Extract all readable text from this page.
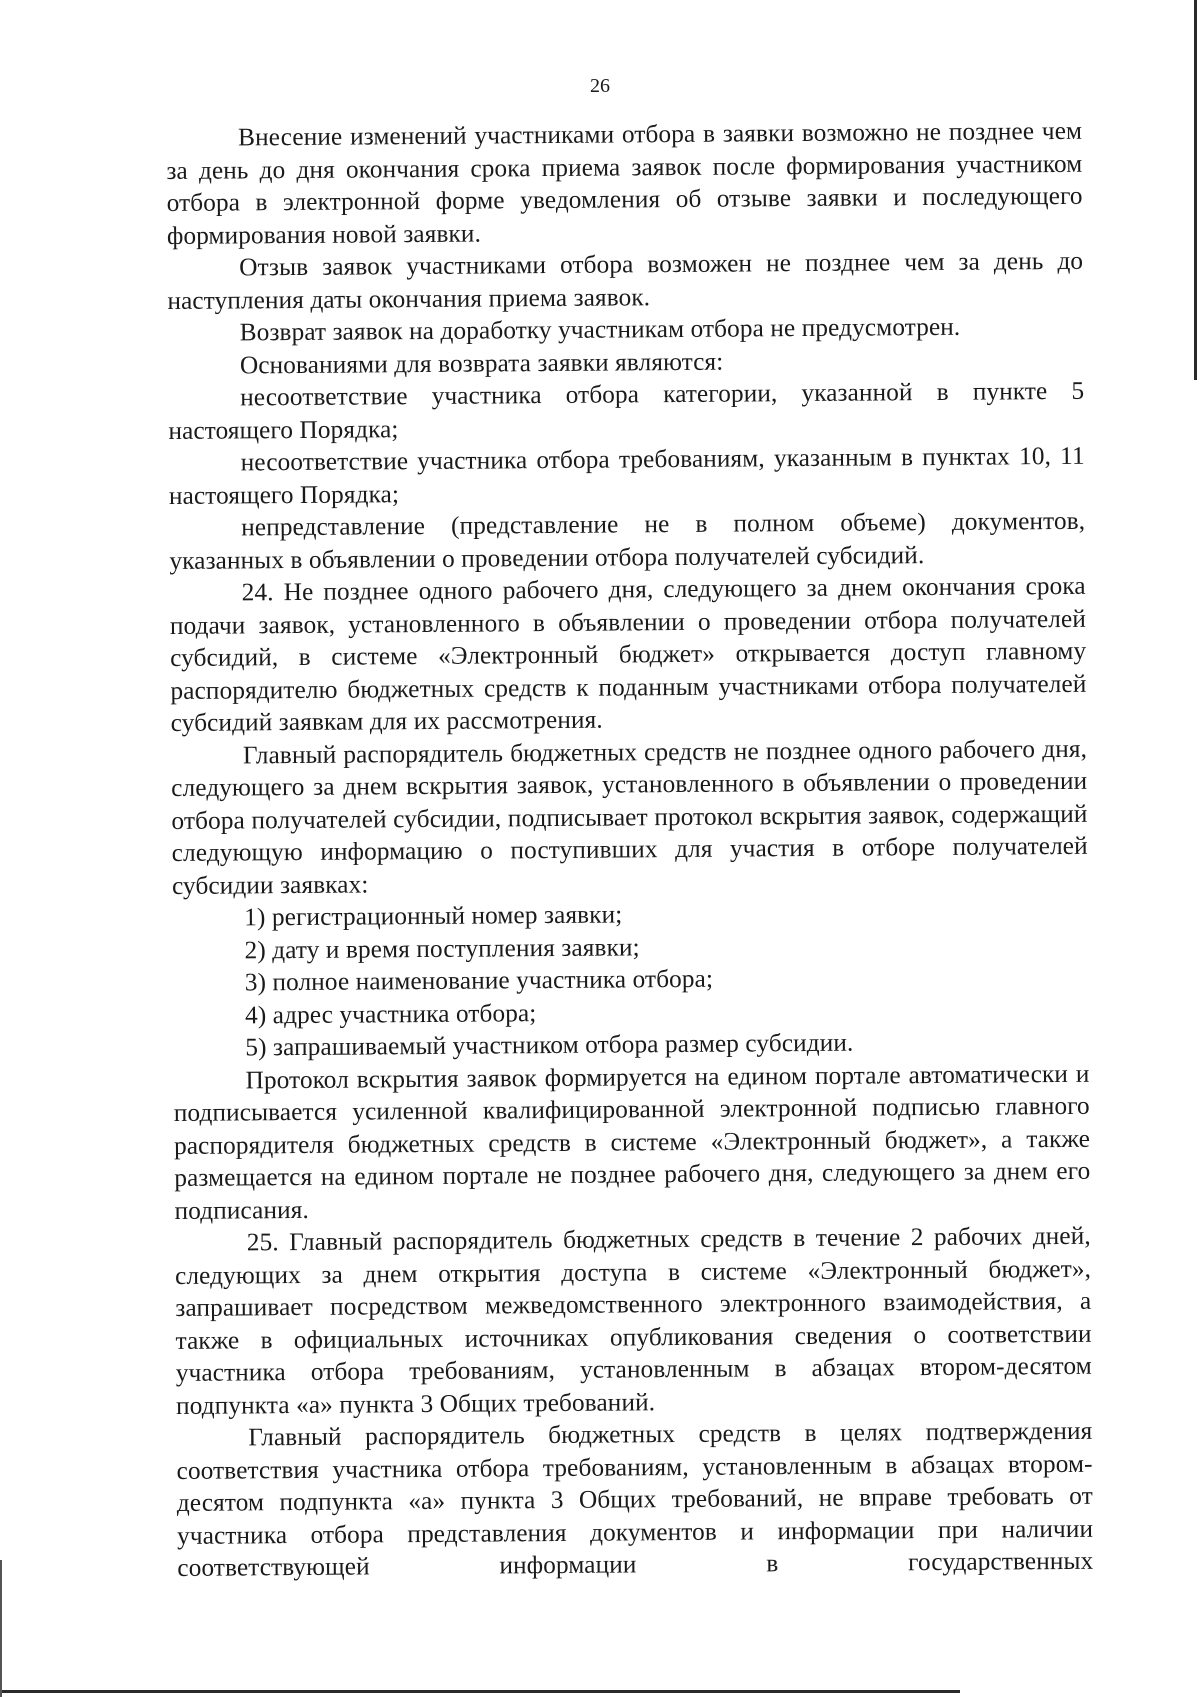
26

Внесение изменений участниками отбора в заявки возможно не позднее чем за день до дня окончания срока приема заявок после формирования участником отбора в электронной форме уведомления об отзыве заявки и последующего формирования новой заявки.

Отзыв заявок участниками отбора возможен не позднее чем за день до наступления даты окончания приема заявок.

Возврат заявок на доработку участникам отбора не предусмотрен.

Основаниями для возврата заявки являются:

несоответствие участника отбора категории, указанной в пункте 5 настоящего Порядка;

несоответствие участника отбора требованиям, указанным в пунктах 10, 11 настоящего Порядка;

непредставление (представление не в полном объеме) документов, указанных в объявлении о проведении отбора получателей субсидий.

24. Не позднее одного рабочего дня, следующего за днем окончания срока подачи заявок, установленного в объявлении о проведении отбора получателей субсидий, в системе «Электронный бюджет» открывается доступ главному распорядителю бюджетных средств к поданным участниками отбора получателей субсидий заявкам для их рассмотрения.

Главный распорядитель бюджетных средств не позднее одного рабочего дня, следующего за днем вскрытия заявок, установленного в объявлении о проведении отбора получателей субсидии, подписывает протокол вскрытия заявок, содержащий следующую информацию о поступивших для участия в отборе получателей субсидии заявках:

1) регистрационный номер заявки;

2) дату и время поступления заявки;

3) полное наименование участника отбора;

4) адрес участника отбора;

5) запрашиваемый участником отбора размер субсидии.

Протокол вскрытия заявок формируется на едином портале автоматически и подписывается усиленной квалифицированной электронной подписью главного распорядителя бюджетных средств в системе «Электронный бюджет», а также размещается на едином портале не позднее рабочего дня, следующего за днем его подписания.

25. Главный распорядитель бюджетных средств в течение 2 рабочих дней, следующих за днем открытия доступа в системе «Электронный бюджет», запрашивает посредством межведомственного электронного взаимодействия, а также в официальных источниках опубликования сведения о соответствии участника отбора требованиям, установленным в абзацах втором-десятом подпункта «а» пункта 3 Общих требований.

Главный распорядитель бюджетных средств в целях подтверждения соответствия участника отбора требованиям, установленным в абзацах втором-десятом подпункта «а» пункта 3 Общих требований, не вправе требовать от участника отбора представления документов и информации при наличии соответствующей информации в государственных
